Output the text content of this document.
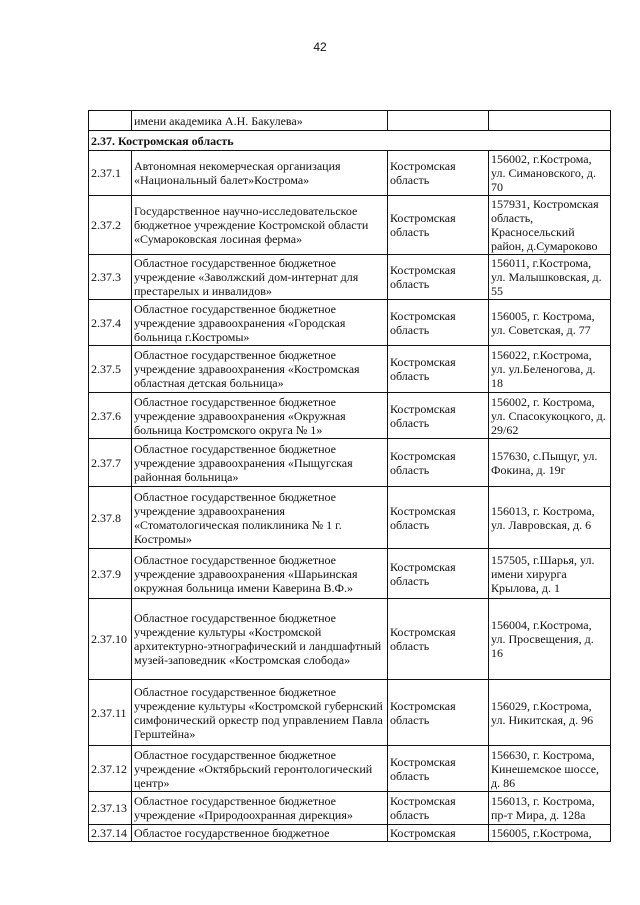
42
	имени академика А.Н. Бакулева»		
2.37. Костромская область			
2.37.1	Автономная некомерческая организация «Национальный балет»Кострома»	Костромская область	156002, г.Кострома, ул. Симановского, д. 70
2.37.2	Государственное научно-исследовательское бюджетное учреждение Костромской области «Сумароковская лосиная ферма»	Костромская область	157931, Костромская область, Красносельский район, д.Сумароково
2.37.3	Областное государственное бюджетное учреждение «Заволжский дом-интернат для престарелых и инвалидов»	Костромская область	156011, г.Кострома, ул. Малышковская, д. 55
2.37.4	Областное государственное бюджетное учреждение здравоохранения «Городская больница г.Костромы»	Костромская область	156005, г. Кострома, ул. Советская, д. 77
2.37.5	Областное государственное бюджетное учреждение здравоохранения «Костромская областная детская больница»	Костромская область	156022, г.Кострома, ул. ул.Беленогова, д. 18
2.37.6	Областное государственное бюджетное учреждение здравоохранения «Окружная больница Костромского округа № 1»	Костромская область	156002, г. Кострома, ул. Спасокукоцкого, д. 29/62
2.37.7	Областное государственное бюджетное учреждение здравоохранения «Пыщугская районная больница»	Костромская область	157630, с.Пыщуг, ул. Фокина, д. 19г
2.37.8	Областное государственное бюджетное учреждение здравоохранения «Стоматологическая поликлиника № 1 г. Костромы»	Костромская область	156013, г. Кострома, ул. Лавровская, д. 6
2.37.9	Областное государственное бюджетное учреждение здравоохранения «Шарьинская окружная больница имени Каверина В.Ф.»	Костромская область	157505, г.Шарья, ул. имени хирурга Крылова, д. 1
2.37.10	Областное государственное бюджетное учреждение культуры «Костромской архитектурно-этнографический и ландшафтный музей-заповедник «Костромская слобода»	Костромская область	156004, г.Кострома, ул. Просвещения, д. 16
2.37.11	Областное государственное бюджетное учреждение культуры «Костромской губернский симфонический оркестр под управлением Павла Герштейна»	Костромская область	156029, г.Кострома, ул. Никитская, д. 96
2.37.12	Областное государственное бюджетное учреждение «Октябрьский геронтологический центр»	Костромская область	156630, г. Кострома, Кинешемское шоссе, д. 86
2.37.13	Областное государственное бюджетное учреждение «Природоохранная дирекция»	Костромская область	156013, г. Кострома, пр-т Мира, д. 128а
2.37.14	Областое государственное бюджетное	Костромская	156005, г.Кострома,
